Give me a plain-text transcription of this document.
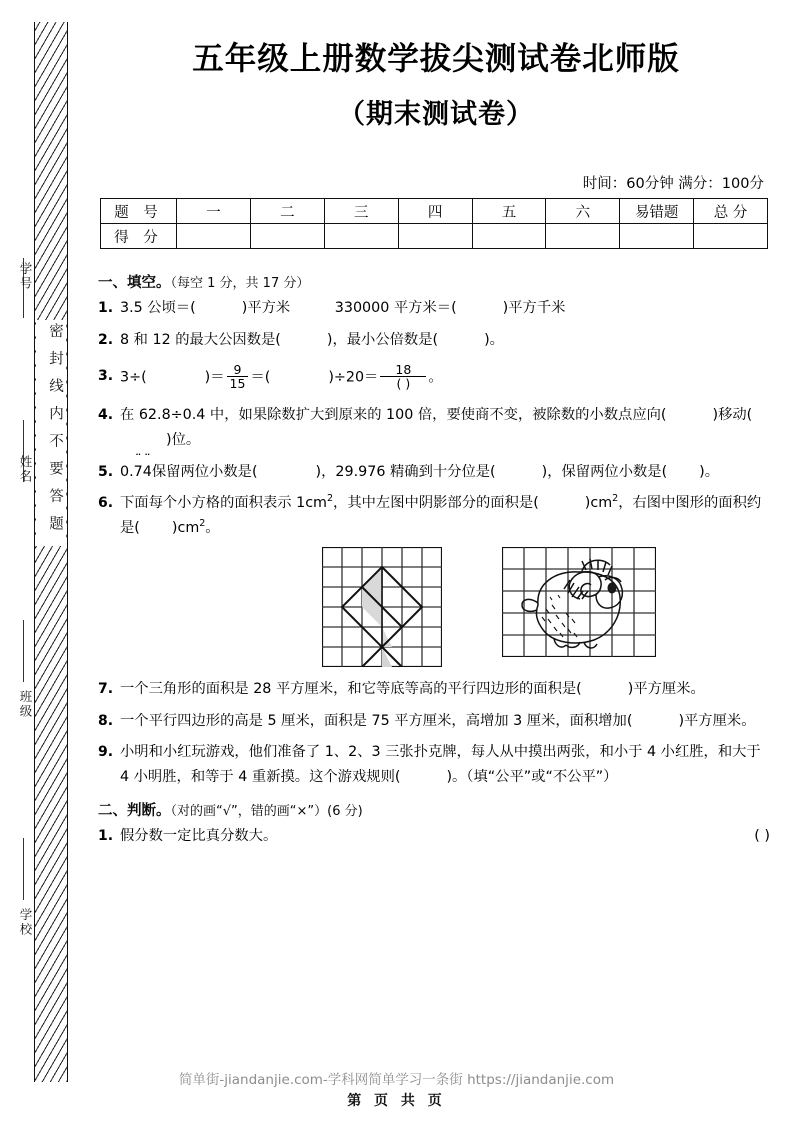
密封线内不要答题
学号
姓名
班级
学校
五年级上册数学拔尖测试卷北师版
（期末测试卷）
时间：60分钟 满分：100分
题 号	一	二	三	四	五	六	易错题	总 分
得 分								
一、填空。（每空 1 分，共 17 分）
1. 3.5 公顷＝(	)平方米	330000 平方米＝(	)平方千米
2. 8 和 12 的最大公因数是(	)，最小公倍数是(	)。
3. 3÷(	)＝ $\frac{9}{15}$ ＝(	)$\div 20= \frac{18}{( )}$ 。
4. 在 62.8÷0.4 中，如果除数扩大到原来的 100 倍，要使商不变，被除数的小数点应向(	)移动()位。
5. 0.¨ 7¨ 4保留两位小数是(	)，29.976 精确到十分位是(	)，保留两位小数是( )。
6. 下面每个小方格的面积表示 $1cm^2$，其中左图中阴影部分的面积是(	)$cm^2$，右图中图形的面积约是( )$cm^2$。
7. 一个三角形的面积是 28 平方厘米，和它等底等高的平行四边形的面积是(	)平方厘米。
8. 一个平行四边形的高是 5 厘米，面积是 75 平方厘米，高增加 3 厘米，面积增加(	)平方厘米。
9. 小明和小红玩游戏，他们准备了 1、2、3 三张扑克牌，每人从中摸出两张，和小于 4 小红胜，和大于 4 小明胜，和等于 4 重新摸。这个游戏规则(	)。（填“公平”或“不公平”）
二、判断。（对的画“√”，错的画“×”）(6 分)
1. 假分数一定比真分数大。	( )
简单街-jiandanjie.com-学科网简单学习一条街 https://jiandanjie.com
第 页 共 页
